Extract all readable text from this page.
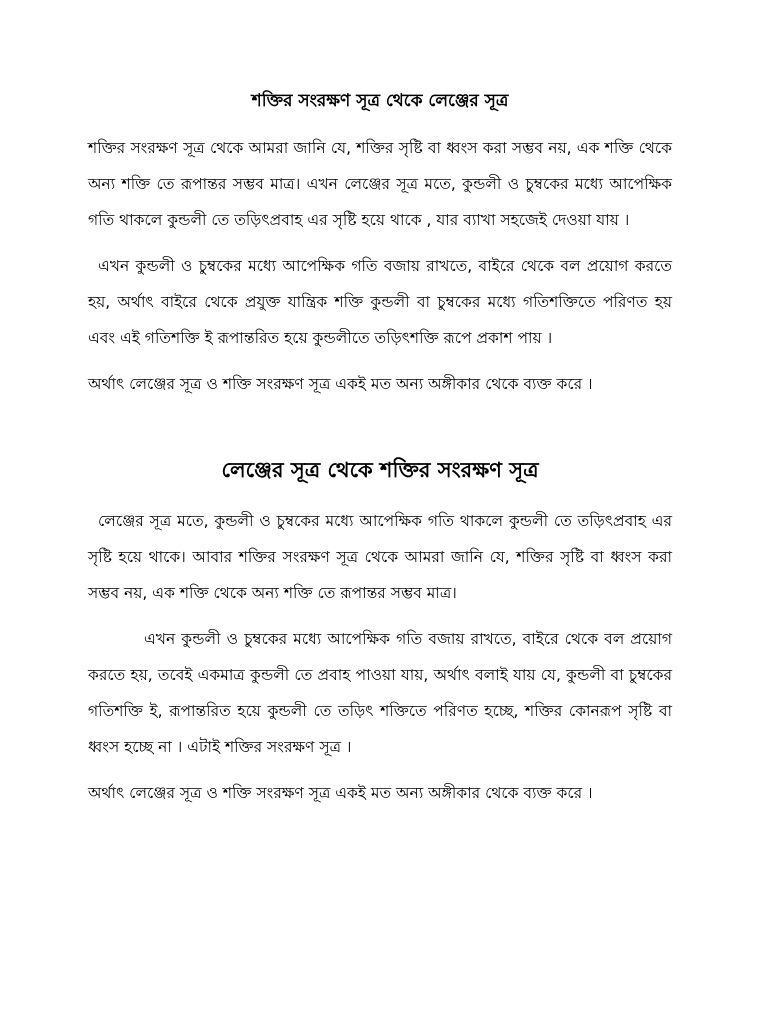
শক্তির সংরক্ষণ সূত্র থেকে লেঞ্জের সূত্র

শক্তির সংরক্ষণ সূত্র থেকে আমরা জানি যে, শক্তির সৃষ্টি বা ধ্বংস করা সম্ভব নয়, এক শক্তি থেকে অন্য শক্তি তে রূপান্তর সম্ভব মাত্র। এখন লেঞ্জের সূত্র মতে, কুন্ডলী ও চুম্বকের মধ্যে আপেক্ষিক গতি থাকলে কুন্ডলী তে তড়িৎপ্রবাহ এর সৃষ্টি হয়ে থাকে , যার ব্যাখা সহজেই দেওয়া যায় ।

এখন কুন্ডলী ও চুম্বকের মধ্যে আপেক্ষিক গতি বজায় রাখতে, বাইরে থেকে বল প্রয়োগ করতে হয়, অর্থাৎ বাইরে থেকে প্রযুক্ত যান্ত্রিক শক্তি কুন্ডলী বা চুম্বকের মধ্যে গতিশক্তিতে পরিণত হয় এবং এই গতিশক্তি ই রূপান্তরিত হয়ে কুন্ডলীতে তড়িৎশক্তি রূপে প্রকাশ পায় ।

অর্থাৎ লেঞ্জের সূত্র ও শক্তি সংরক্ষণ সূত্র একই মত অন্য অঙ্গীকার থেকে ব্যক্ত করে ।

লেঞ্জের সূত্র থেকে শক্তির সংরক্ষণ সূত্র

লেঞ্জের সূত্র মতে, কুন্ডলী ও চুম্বকের মধ্যে আপেক্ষিক গতি থাকলে কুন্ডলী তে তড়িৎপ্রবাহ এর সৃষ্টি হয়ে থাকে। আবার শক্তির সংরক্ষণ সূত্র থেকে আমরা জানি যে, শক্তির সৃষ্টি বা ধ্বংস করা সম্ভব নয়, এক শক্তি থেকে অন্য শক্তি তে রূপান্তর সম্ভব মাত্র।

এখন কুন্ডলী ও চুম্বকের মধ্যে আপেক্ষিক গতি বজায় রাখতে, বাইরে থেকে বল প্রয়োগ করতে হয়, তবেই একমাত্র কুন্ডলী তে প্রবাহ পাওয়া যায়, অর্থাৎ বলাই যায় যে, কুন্ডলী বা চুম্বকের গতিশক্তি ই, রূপান্তরিত হয়ে কুন্ডলী তে তড়িৎ শক্তিতে পরিণত হচ্ছে, শক্তির কোনরূপ সৃষ্টি বা ধ্বংস হচ্ছে না । এটাই শক্তির সংরক্ষণ সূত্র ।

অর্থাৎ লেঞ্জের সূত্র ও শক্তি সংরক্ষণ সূত্র একই মত অন্য অঙ্গীকার থেকে ব্যক্ত করে ।
